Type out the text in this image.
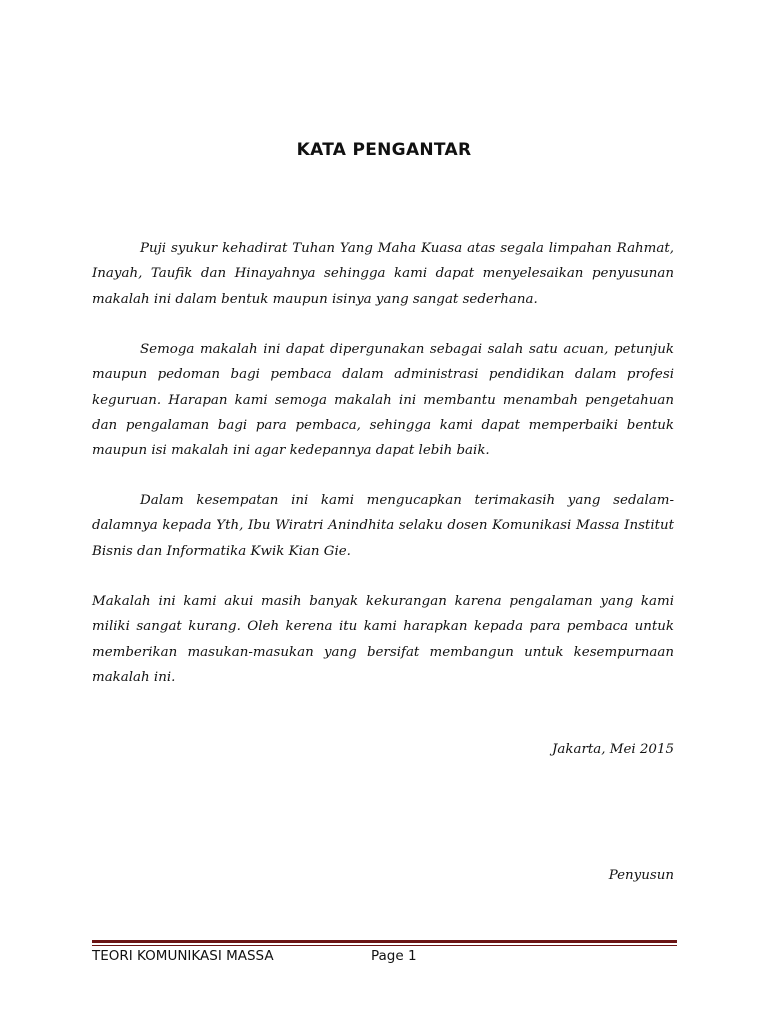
KATA PENGANTAR

Puji syukur kehadirat Tuhan Yang Maha Kuasa atas segala limpahan Rahmat, Inayah, Taufik dan Hinayahnya sehingga kami dapat menyelesaikan penyusunan makalah ini dalam bentuk maupun isinya yang sangat sederhana.

Semoga makalah ini dapat dipergunakan sebagai salah satu acuan, petunjuk maupun pedoman bagi pembaca dalam administrasi pendidikan dalam profesi keguruan. Harapan kami semoga makalah ini membantu menambah pengetahuan dan pengalaman bagi para pembaca, sehingga kami dapat memperbaiki bentuk maupun isi makalah ini agar kedepannya dapat lebih baik.

Dalam kesempatan ini kami mengucapkan terimakasih yang sedalam-dalamnya kepada Yth, Ibu Wiratri Anindhita selaku dosen Komunikasi Massa Institut Bisnis dan Informatika Kwik Kian Gie.

Makalah ini kami akui masih banyak kekurangan karena pengalaman yang kami miliki sangat kurang. Oleh kerena itu kami harapkan kepada para pembaca untuk memberikan masukan-masukan yang bersifat membangun untuk kesempurnaan makalah ini.

Jakarta, Mei 2015
Penyusun
TEORI KOMUNIKASI MASSA	Page 1
